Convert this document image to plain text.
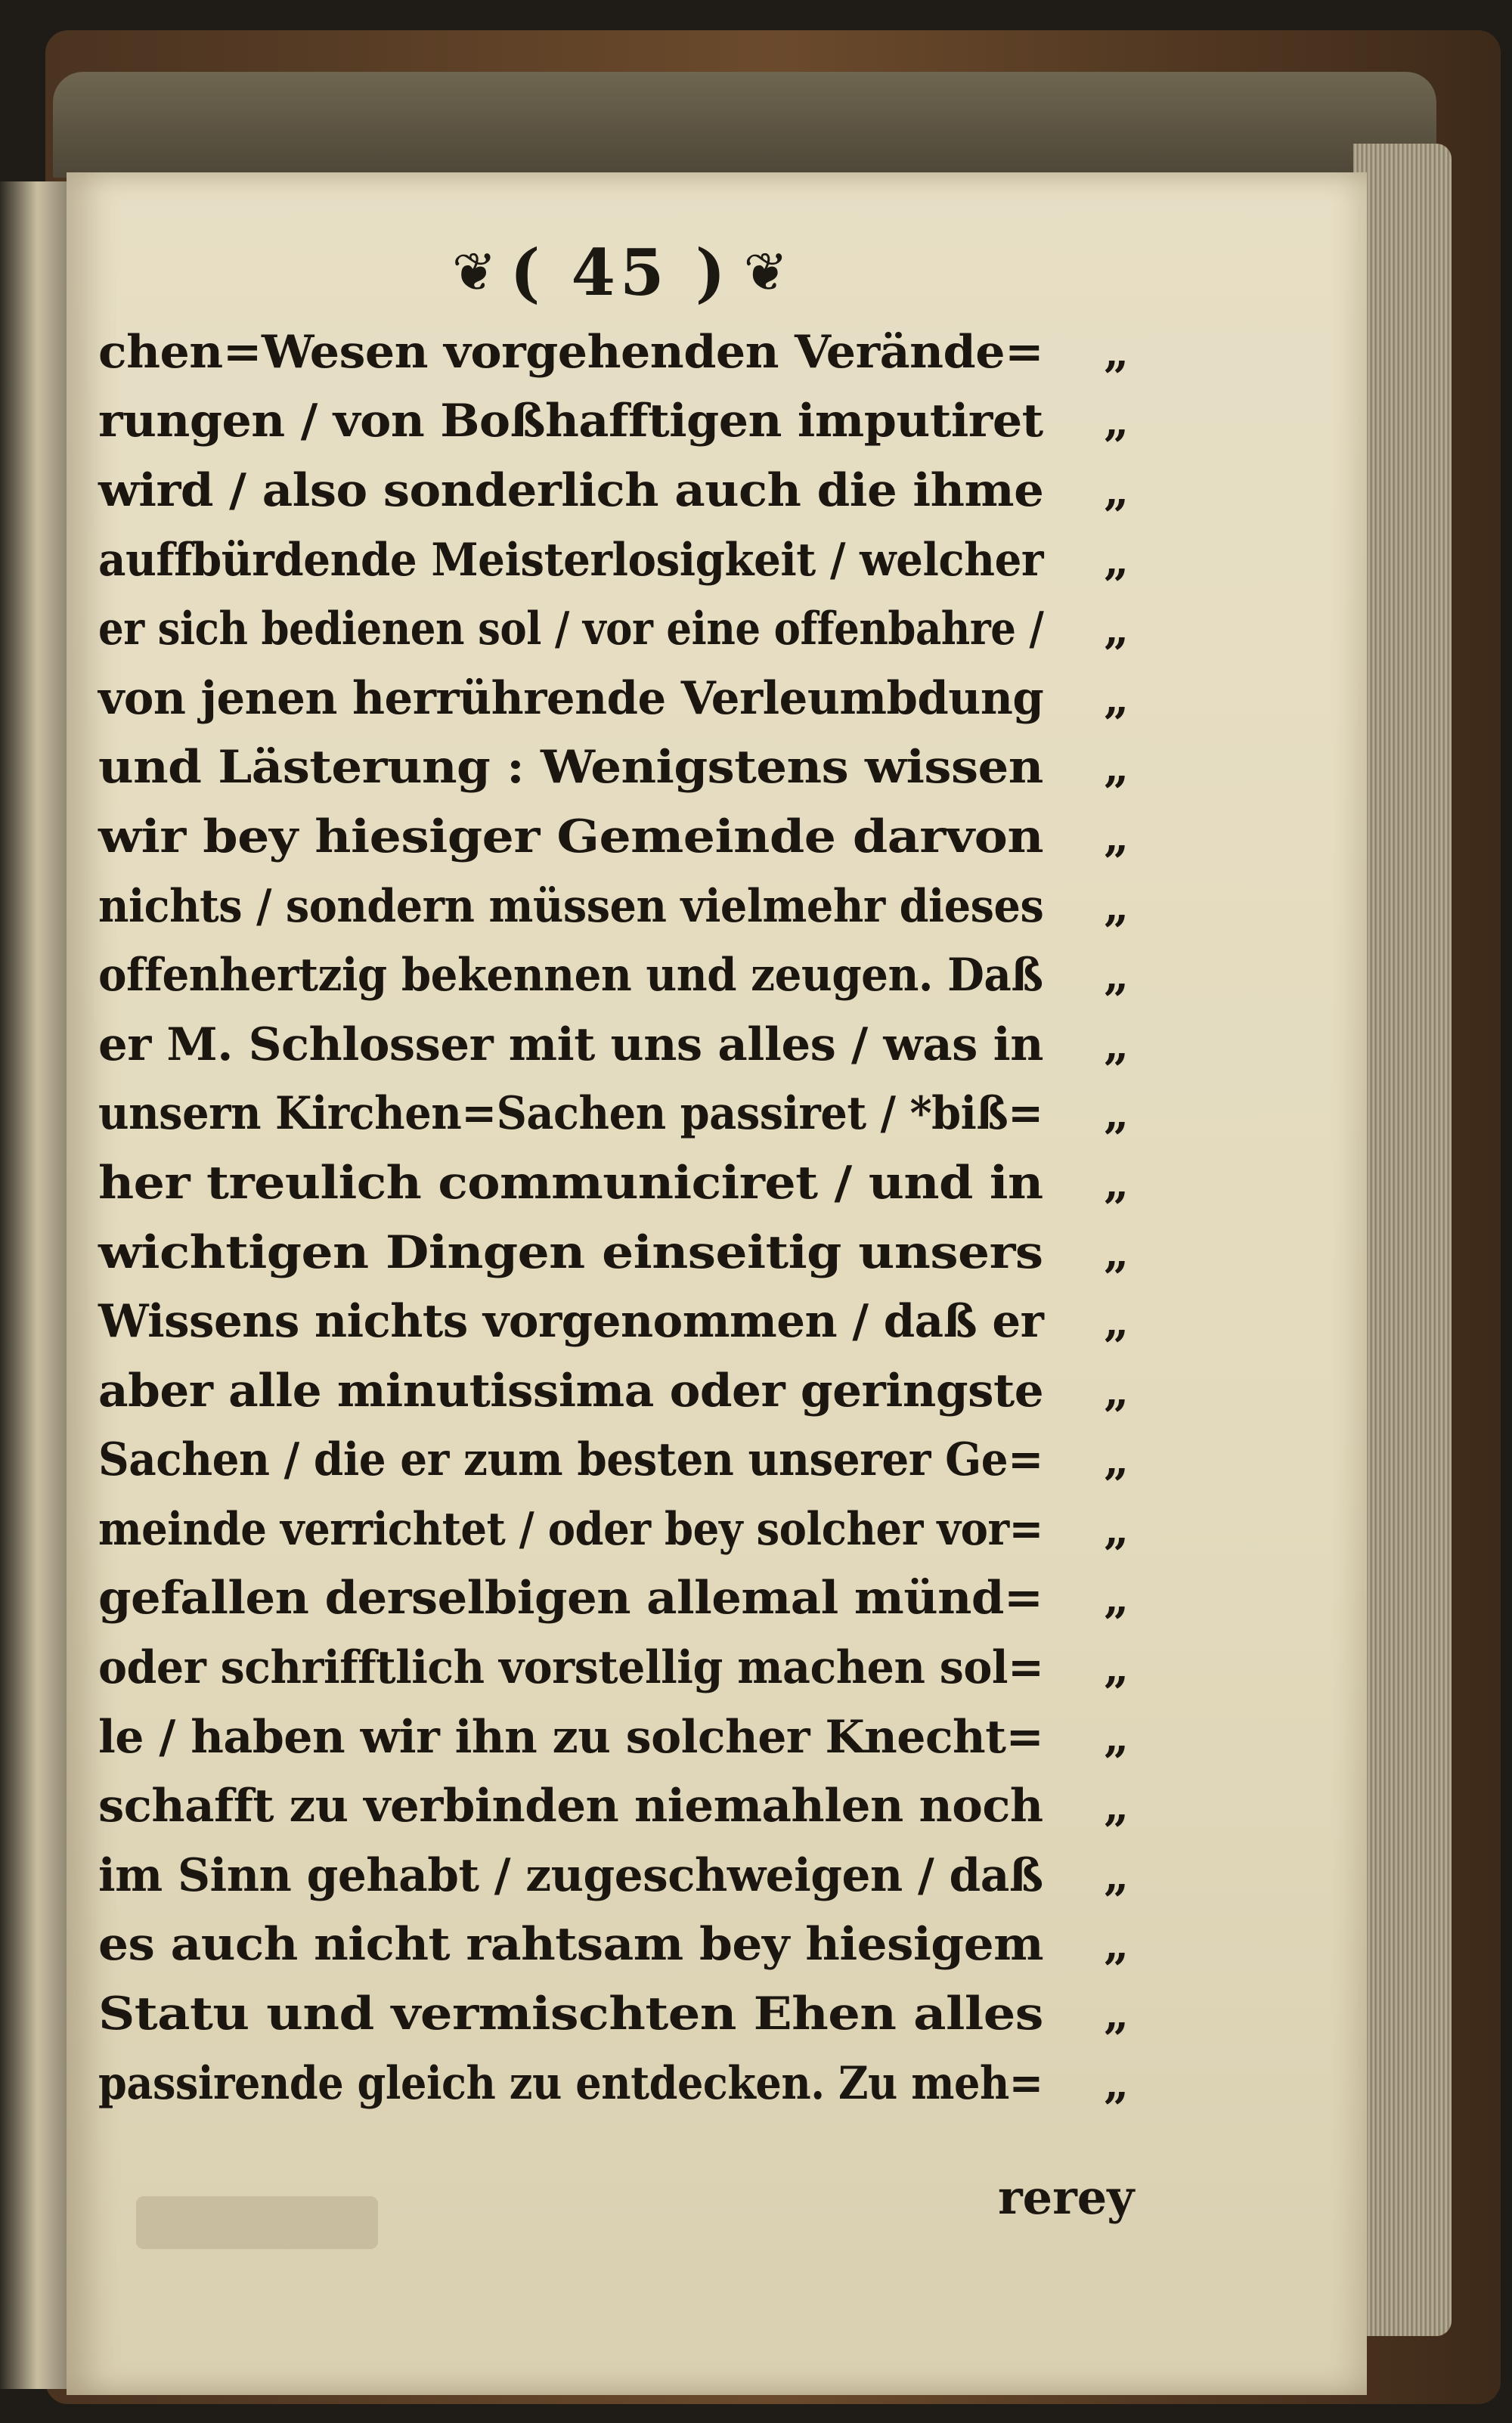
❦ ( 45 ) ❦
chen=Wesen vorgehenden Verände= „
rungen / von Boßhafftigen imputiret „
wird / also sonderlich auch die ihme „
auffbürdende Meisterlosigkeit / welcher „
er sich bedienen sol / vor eine offenbahre / „
von jenen herrührende Verleumbdung „
und Lästerung : Wenigstens wissen „
wir bey hiesiger Gemeinde darvon „
nichts / sondern müssen vielmehr dieses „
offenhertzig bekennen und zeugen. Daß „
er M. Schlosser mit uns alles / was in „
unsern Kirchen=Sachen passiret / *biß= „
her treulich communiciret / und in „
wichtigen Dingen einseitig unsers „
Wissens nichts vorgenommen / daß er „
aber alle minutissima oder geringste „
Sachen / die er zum besten unserer Ge= „
meinde verrichtet / oder bey solcher vor= „
gefallen derselbigen allemal münd= „
oder schrifftlich vorstellig machen sol= „
le / haben wir ihn zu solcher Knecht= „
schafft zu verbinden niemahlen noch „
im Sinn gehabt / zugeschweigen / daß „
es auch nicht rahtsam bey hiesigem „
Statu und vermischten Ehen alles „
passirende gleich zu entdecken. Zu meh= „
rerey
